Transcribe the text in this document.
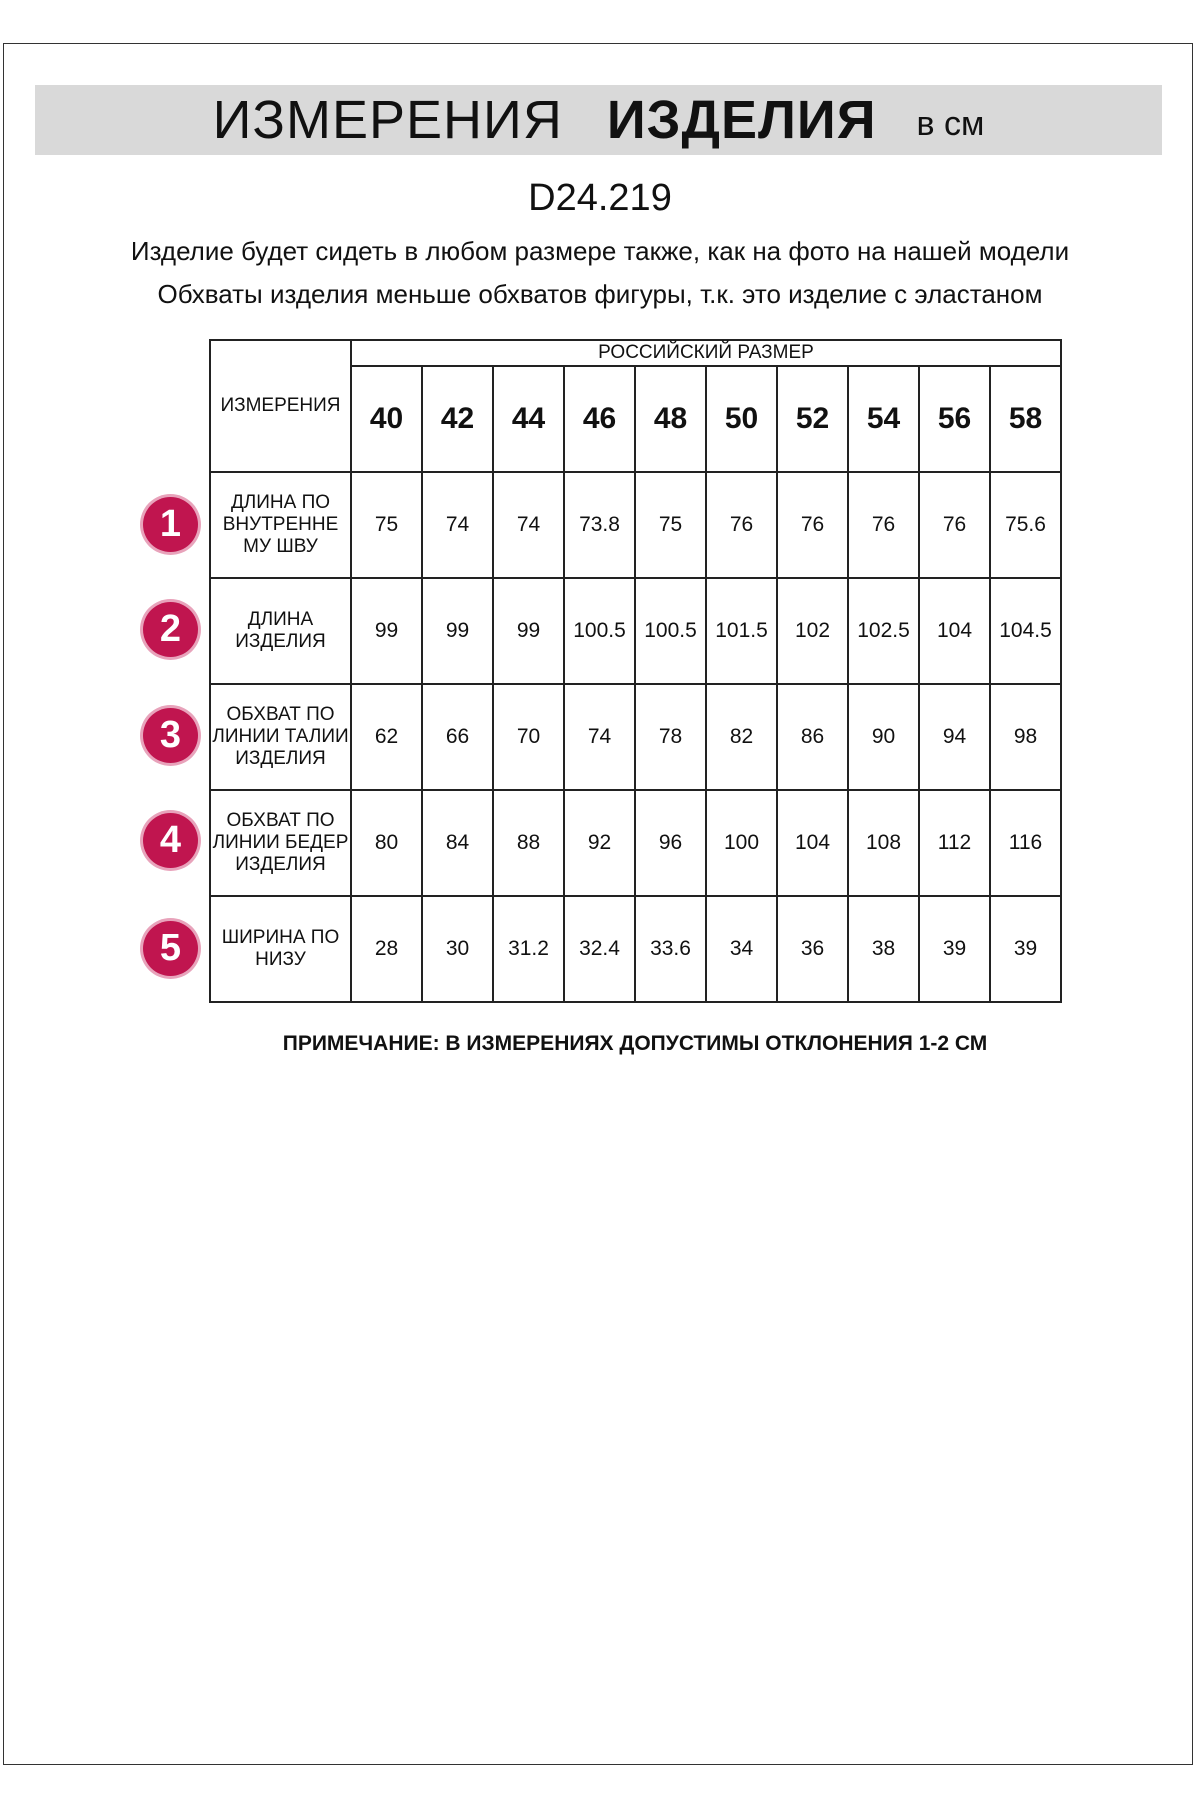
ИЗМЕРЕНИЯ ИЗДЕЛИЯ в см
D24.219
Изделие будет сидеть в любом размере также, как на фото на нашей модели
Обхваты изделия меньше обхватов фигуры, т.к. это изделие с эластаном
ИЗМЕРЕНИЯ	РОССИЙСКИЙ РАЗМЕР									
	40	42	44	46	48	50	52	54	56	58
ДЛИНА ПО ВНУТРЕННЕ МУ ШВУ	75	74	74	73.8	75	76	76	76	76	75.6
ДЛИНА ИЗДЕЛИЯ	99	99	99	100.5	100.5	101.5	102	102.5	104	104.5
ОБХВАТ ПО ЛИНИИ ТАЛИИ ИЗДЕЛИЯ	62	66	70	74	78	82	86	90	94	98
ОБХВАТ ПО ЛИНИИ БЕДЕР ИЗДЕЛИЯ	80	84	88	92	96	100	104	108	112	116
ШИРИНА ПО НИЗУ	28	30	31.2	32.4	33.6	34	36	38	39	39
1
2
3
4
5
ПРИМЕЧАНИЕ: В ИЗМЕРЕНИЯХ ДОПУСТИМЫ ОТКЛОНЕНИЯ 1-2 СМ
